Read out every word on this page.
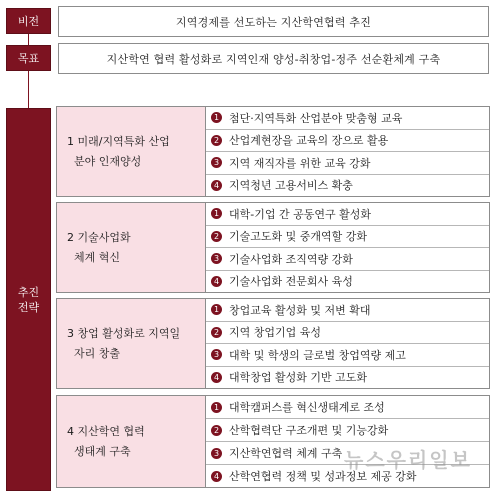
비전	지역경제를 선도하는 지산학연협력 추진
목표	지산학연 협력 활성화로 지역인재 양성-취창업-정주 선순환체계 구축
추진
전략
1 미래/지역특화 산업
분야 인재양성
1 첨단·지역특화 산업분야 맞춤형 교육
2 산업계현장을 교육의 장으로 활용
3 지역 재직자를 위한 교육 강화
4 지역청년 고용서비스 확충
2 기술사업화
체계 혁신
1 대학-기업 간 공동연구 활성화
2 기술고도화 및 중개역할 강화
3 기술사업화 조직역량 강화
4 기술사업화 전문회사 육성
3 창업 활성화로 지역일
자리 창출
1 창업교육 활성화 및 저변 확대
2 지역 창업기업 육성
3 대학 및 학생의 글로벌 창업역량 제고
4 대학창업 활성화 기반 고도화
4 지산학연 협력
생태계 구축
1 대학캠퍼스를 혁신생태계로 조성
2 산학협력단 구조개편 및 기능강화
3 지산학연협력 체계 구축
4 산학연협력 정책 및 성과정보 제공 강화
뉴스우리일보
